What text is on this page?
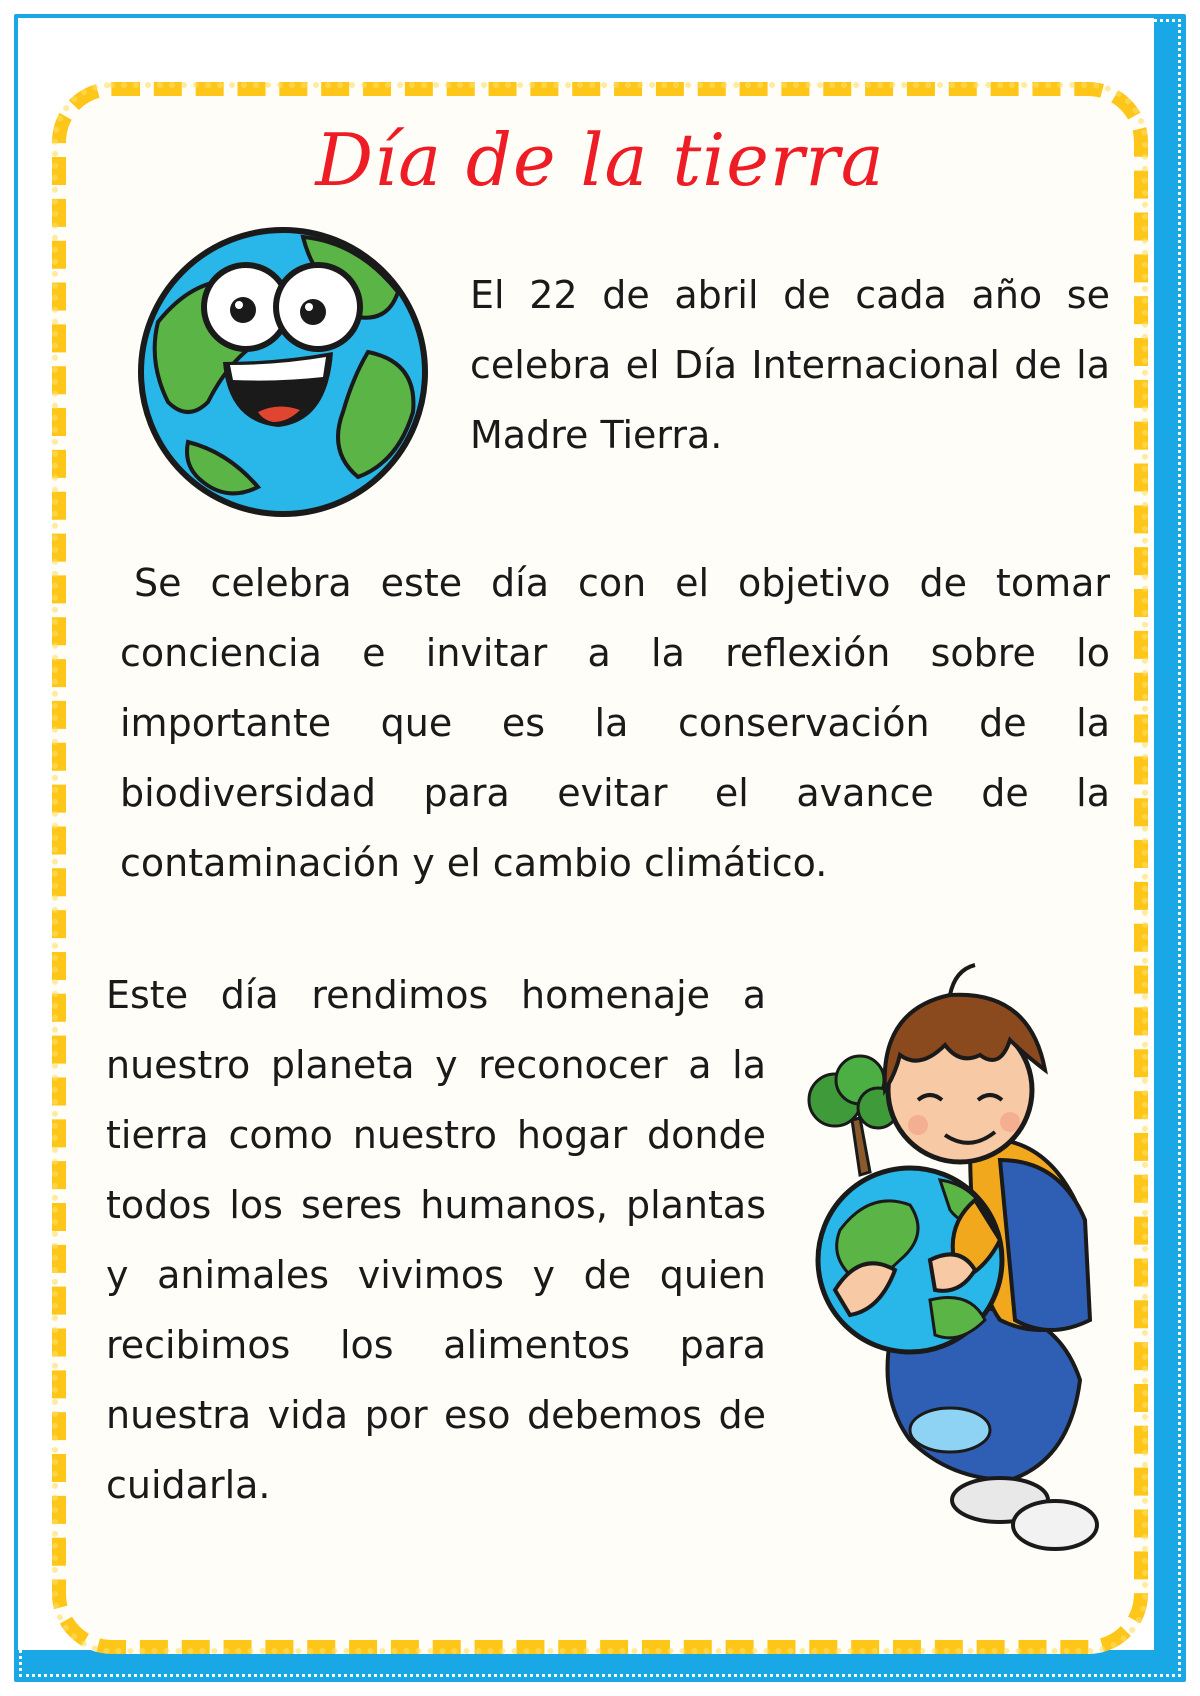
Día de la tierra

El 22 de abril de cada año se celebra el Día Internacional de la Madre Tierra.

Se celebra este día con el objetivo de tomar conciencia e invitar a la reflexión sobre lo importante que es la conservación de la biodiversidad para evitar el avance de la contaminación y el cambio climático.

Este día rendimos homenaje a nuestro planeta y reconocer a la tierra como nuestro hogar donde todos los seres humanos, plantas y animales vivimos y de quien recibimos los alimentos para nuestra vida por eso debemos de cuidarla.
